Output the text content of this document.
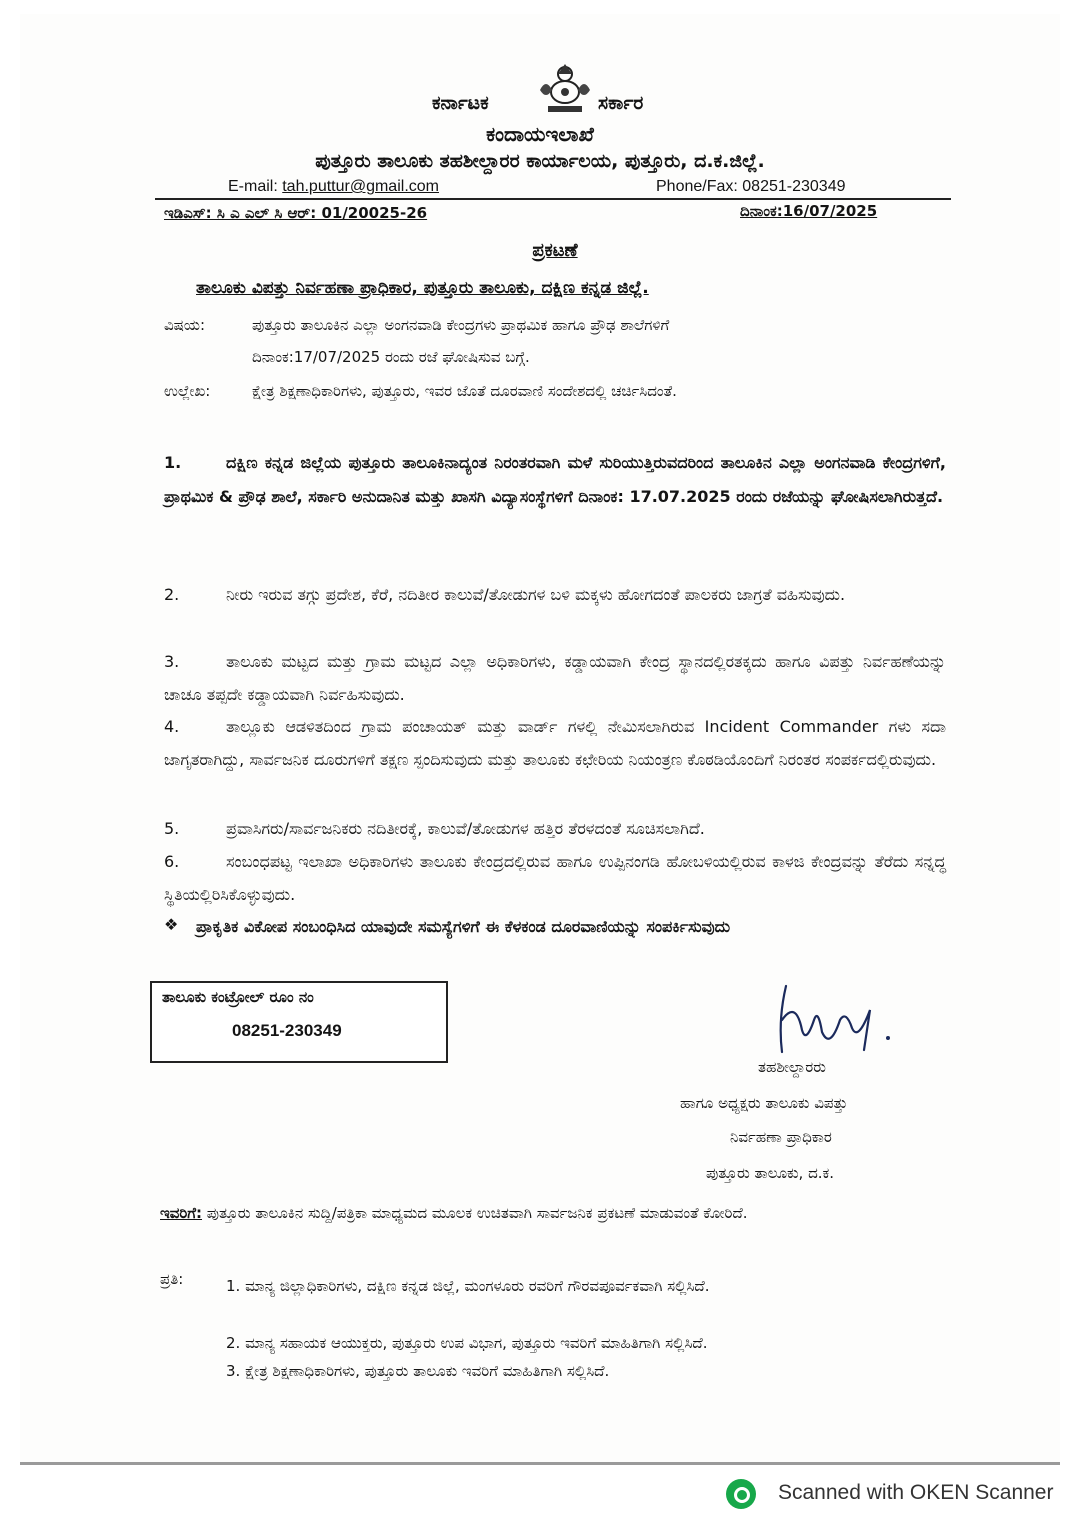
ಕರ್ನಾಟಕ	ಸರ್ಕಾರ
ಕಂದಾಯಇಲಾಖೆ
ಪುತ್ತೂರು ತಾಲೂಕು ತಹಶೀಲ್ದಾರರ ಕಾರ್ಯಾಲಯ, ಪುತ್ತೂರು, ದ.ಕ.ಜಿಲ್ಲೆ.
E-mail: tah.puttur@gmail.com	Phone/Fax: 08251-230349
ಇಡಿಎಸ್: ಸಿ ಎ ಎಲ್ ಸಿ ಆರ್: 01/20025-26	ದಿನಾಂಕ:16/07/2025
ಪ್ರಕಟಣೆ
ತಾಲೂಕು ವಿಪತ್ತು ನಿರ್ವಹಣಾ ಪ್ರಾಧಿಕಾರ, ಪುತ್ತೂರು ತಾಲೂಕು, ದಕ್ಷಿಣ ಕನ್ನಡ ಜಿಲ್ಲೆ.
ವಿಷಯ:	ಪುತ್ತೂರು ತಾಲೂಕಿನ ಎಲ್ಲಾ ಅಂಗನವಾಡಿ ಕೇಂದ್ರಗಳು ಪ್ರಾಥಮಿಕ ಹಾಗೂ ಪ್ರೌಢ ಶಾಲೆಗಳಿಗೆ
ದಿನಾಂಕ:17/07/2025 ರಂದು ರಜೆ ಘೋಷಿಸುವ ಬಗ್ಗೆ.
ಉಲ್ಲೇಖ:	ಕ್ಷೇತ್ರ ಶಿಕ್ಷಣಾಧಿಕಾರಿಗಳು, ಪುತ್ತೂರು, ಇವರ ಜೊತೆ ದೂರವಾಣಿ ಸಂದೇಶದಲ್ಲಿ ಚರ್ಚಿಸಿದಂತೆ.
1.	ದಕ್ಷಿಣ ಕನ್ನಡ ಜಿಲ್ಲೆಯ ಪುತ್ತೂರು ತಾಲೂಕಿನಾದ್ಯಂತ ನಿರಂತರವಾಗಿ ಮಳೆ ಸುರಿಯುತ್ತಿರುವದರಿಂದ ತಾಲೂಕಿನ ಎಲ್ಲಾ ಅಂಗನವಾಡಿ ಕೇಂದ್ರಗಳಿಗೆ, ಪ್ರಾಥಮಿಕ & ಪ್ರೌಢ ಶಾಲೆ, ಸರ್ಕಾರಿ ಅನುದಾನಿತ ಮತ್ತು ಖಾಸಗಿ ವಿದ್ಯಾಸಂಸ್ಥೆಗಳಿಗೆ ದಿನಾಂಕ: 17.07.2025 ರಂದು ರಜೆಯನ್ನು ಘೋಷಿಸಲಾಗಿರುತ್ತದೆ.
2.	ನೀರು ಇರುವ ತಗ್ಗು ಪ್ರದೇಶ, ಕೆರೆ, ನದಿತೀರ ಕಾಲುವೆ/ತೋಡುಗಳ ಬಳಿ ಮಕ್ಕಳು ಹೋಗದಂತೆ ಪಾಲಕರು ಜಾಗ್ರತೆ ವಹಿಸುವುದು.
3.	ತಾಲೂಕು ಮಟ್ಟದ ಮತ್ತು ಗ್ರಾಮ ಮಟ್ಟದ ಎಲ್ಲಾ ಅಧಿಕಾರಿಗಳು, ಕಡ್ಡಾಯವಾಗಿ ಕೇಂದ್ರ ಸ್ಥಾನದಲ್ಲಿರತಕ್ಕದು ಹಾಗೂ ವಿಪತ್ತು ನಿರ್ವಹಣೆಯನ್ನು ಚಾಚೂ ತಪ್ಪದೇ ಕಡ್ಡಾಯವಾಗಿ ನಿರ್ವಹಿಸುವುದು.
4.	ತಾಲ್ಲೂಕು ಆಡಳಿತದಿಂದ ಗ್ರಾಮ ಪಂಚಾಯತ್ ಮತ್ತು ವಾರ್ಡ್ ಗಳಲ್ಲಿ ನೇಮಿಸಲಾಗಿರುವ Incident Commander ಗಳು ಸದಾ ಜಾಗೃತರಾಗಿದ್ದು, ಸಾರ್ವಜನಿಕ ದೂರುಗಳಿಗೆ ತಕ್ಷಣ ಸ್ಪಂದಿಸುವುದು ಮತ್ತು ತಾಲೂಕು ಕಛೇರಿಯ ನಿಯಂತ್ರಣ ಕೊಠಡಿಯೊಂದಿಗೆ ನಿರಂತರ ಸಂಪರ್ಕದಲ್ಲಿರುವುದು.
5.	ಪ್ರವಾಸಿಗರು/ಸಾರ್ವಜನಿಕರು ನದಿತೀರಕ್ಕೆ, ಕಾಲುವೆ/ತೋಡುಗಳ ಹತ್ತಿರ ತೆರಳದಂತೆ ಸೂಚಿಸಲಾಗಿದೆ.
6.	ಸಂಬಂಧಪಟ್ಟ ಇಲಾಖಾ ಅಧಿಕಾರಿಗಳು ತಾಲೂಕು ಕೇಂದ್ರದಲ್ಲಿರುವ ಹಾಗೂ ಉಪ್ಪಿನಂಗಡಿ ಹೋಬಳಿಯಲ್ಲಿರುವ ಕಾಳಜಿ ಕೇಂದ್ರವನ್ನು ತೆರೆದು ಸನ್ನದ್ಧ ಸ್ಥಿತಿಯಲ್ಲಿರಿಸಿಕೊಳ್ಳುವುದು.
❖ ಪ್ರಾಕೃತಿಕ ವಿಕೋಪ ಸಂಬಂಧಿಸಿದ ಯಾವುದೇ ಸಮಸ್ಯೆಗಳಿಗೆ ಈ ಕೆಳಕಂಡ ದೂರವಾಣಿಯನ್ನು ಸಂಪರ್ಕಿಸುವುದು
ತಾಲೂಕು ಕಂಟ್ರೋಲ್ ರೂಂ ನಂ
08251-230349
ತಹಶೀಲ್ದಾರರು
ಹಾಗೂ ಅಧ್ಯಕ್ಷರು ತಾಲೂಕು ವಿಪತ್ತು
ನಿರ್ವಹಣಾ ಪ್ರಾಧಿಕಾರ
ಪುತ್ತೂರು ತಾಲೂಕು, ದ.ಕ.
ಇವರಿಗೆ: ಪುತ್ತೂರು ತಾಲೂಕಿನ ಸುದ್ದಿ/ಪತ್ರಿಕಾ ಮಾಧ್ಯಮದ ಮೂಲಕ ಉಚಿತವಾಗಿ ಸಾರ್ವಜನಿಕ ಪ್ರಕಟಣೆ ಮಾಡುವಂತೆ ಕೋರಿದೆ.
ಪ್ರತಿ:	1. ಮಾನ್ಯ ಜಿಲ್ಲಾಧಿಕಾರಿಗಳು, ದಕ್ಷಿಣ ಕನ್ನಡ ಜಿಲ್ಲೆ, ಮಂಗಳೂರು ರವರಿಗೆ ಗೌರವಪೂರ್ವಕವಾಗಿ ಸಲ್ಲಿಸಿದೆ.
2. ಮಾನ್ಯ ಸಹಾಯಕ ಆಯುಕ್ತರು, ಪುತ್ತೂರು ಉಪ ವಿಭಾಗ, ಪುತ್ತೂರು ಇವರಿಗೆ ಮಾಹಿತಿಗಾಗಿ ಸಲ್ಲಿಸಿದೆ.
3. ಕ್ಷೇತ್ರ ಶಿಕ್ಷಣಾಧಿಕಾರಿಗಳು, ಪುತ್ತೂರು ತಾಲೂಕು ಇವರಿಗೆ ಮಾಹಿತಿಗಾಗಿ ಸಲ್ಲಿಸಿದೆ.
Scanned with OKEN Scanner
